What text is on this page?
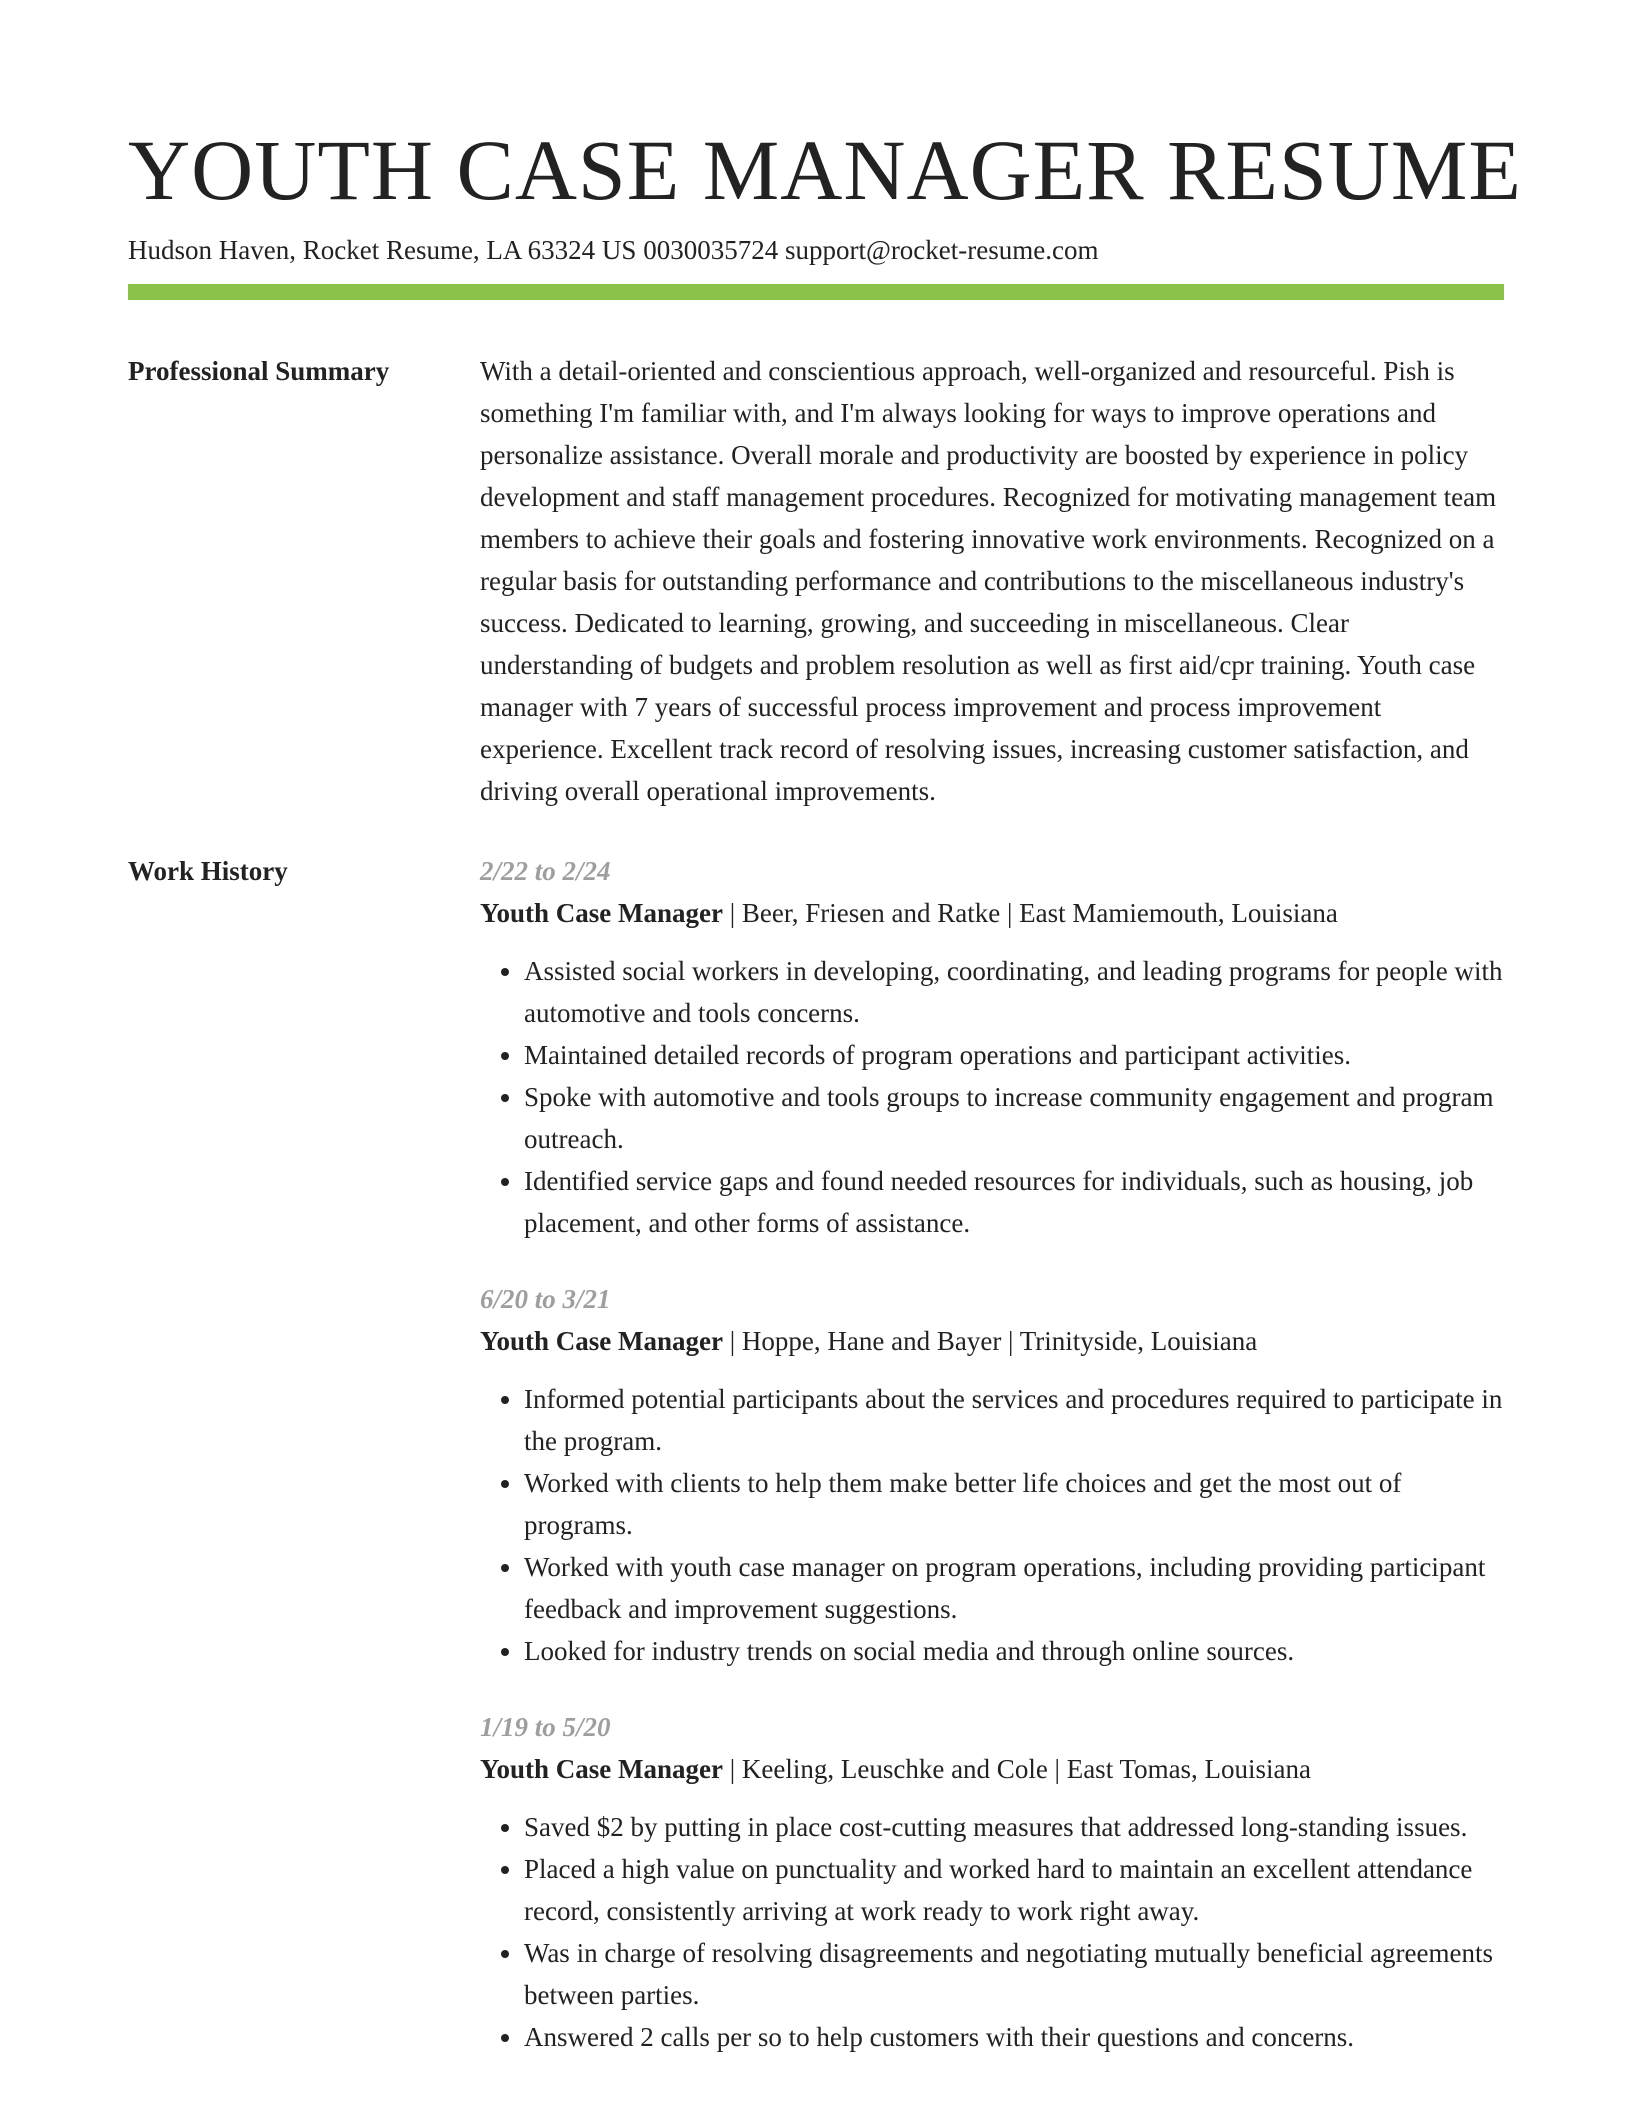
YOUTH CASE MANAGER RESUME
Hudson Haven, Rocket Resume, LA 63324 US 0030035724 support@rocket-resume.com
Professional Summary	With a detail-oriented and conscientious approach, well-organized and resourceful. Pish is something I'm familiar with, and I'm always looking for ways to improve operations and personalize assistance. Overall morale and productivity are boosted by experience in policy development and staff management procedures. Recognized for motivating management team members to achieve their goals and fostering innovative work environments. Recognized on a regular basis for outstanding performance and contributions to the miscellaneous industry's success. Dedicated to learning, growing, and succeeding in miscellaneous. Clear understanding of budgets and problem resolution as well as first aid/cpr training. Youth case manager with 7 years of successful process improvement and process improvement experience. Excellent track record of resolving issues, increasing customer satisfaction, and driving overall operational improvements.

Work History	2/22 to 2/24
Youth Case Manager | Beer, Friesen and Ratke | East Mamiemouth, Louisiana
• Assisted social workers in developing, coordinating, and leading programs for people with automotive and tools concerns.
• Maintained detailed records of program operations and participant activities.
• Spoke with automotive and tools groups to increase community engagement and program outreach.
• Identified service gaps and found needed resources for individuals, such as housing, job placement, and other forms of assistance.
6/20 to 3/21
Youth Case Manager | Hoppe, Hane and Bayer | Trinityside, Louisiana
• Informed potential participants about the services and procedures required to participate in the program.
• Worked with clients to help them make better life choices and get the most out of programs.
• Worked with youth case manager on program operations, including providing participant feedback and improvement suggestions.
• Looked for industry trends on social media and through online sources.
1/19 to 5/20
Youth Case Manager | Keeling, Leuschke and Cole | East Tomas, Louisiana
• Saved $2 by putting in place cost-cutting measures that addressed long-standing issues.
• Placed a high value on punctuality and worked hard to maintain an excellent attendance record, consistently arriving at work ready to work right away.
• Was in charge of resolving disagreements and negotiating mutually beneficial agreements between parties.
• Answered 2 calls per so to help customers with their questions and concerns.
